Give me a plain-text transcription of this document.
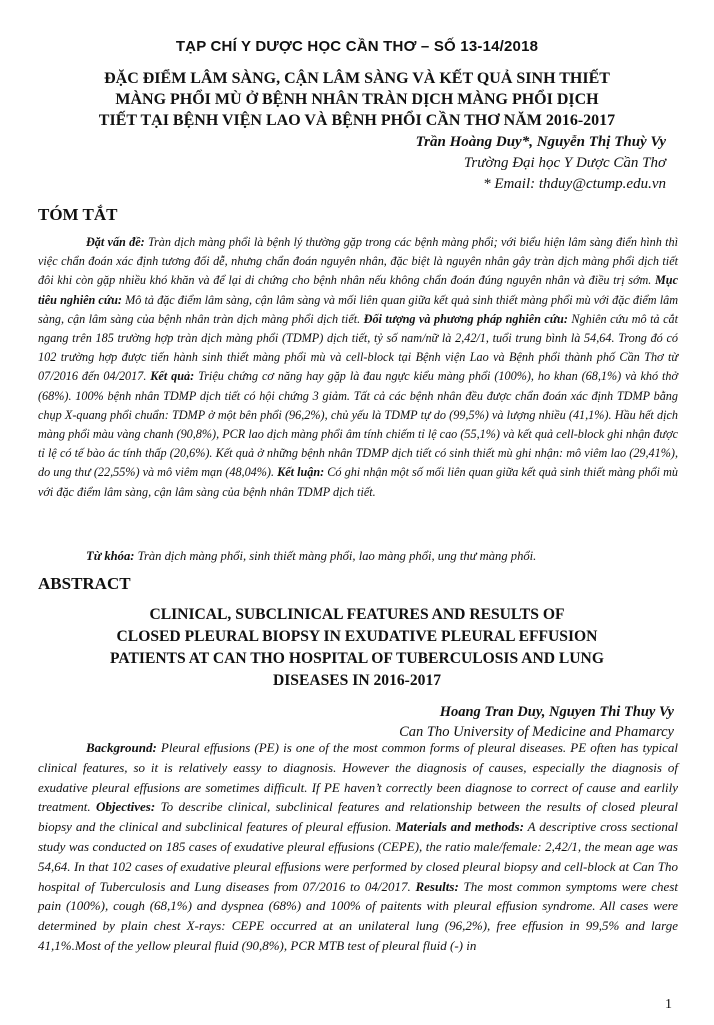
TẠP CHÍ Y DƯỢC HỌC CẦN THƠ – SỐ 13-14/2018
ĐẶC ĐIỂM LÂM SÀNG, CẬN LÂM SÀNG VÀ KẾT QUẢ SINH THIẾT
MÀNG PHỔI MÙ Ở BỆNH NHÂN TRÀN DỊCH MÀNG PHỔI DỊCH
TIẾT TẠI BỆNH VIỆN LAO VÀ BỆNH PHỔI CẦN THƠ NĂM 2016-2017
Trần Hoàng Duy*, Nguyễn Thị Thuỳ Vy
Trường Đại học Y Dược Cần Thơ
* Email: thduy@ctump.edu.vn
TÓM TẮT
Đặt vấn đề: Tràn dịch màng phổi là bệnh lý thường gặp trong các bệnh màng phổi; với biểu hiện lâm sàng điển hình thì việc chẩn đoán xác định tương đối dễ, nhưng chẩn đoán nguyên nhân, đặc biệt là nguyên nhân gây tràn dịch màng phổi dịch tiết đôi khi còn gặp nhiều khó khăn và để lại di chứng cho bệnh nhân nếu không chẩn đoán đúng nguyên nhân và điều trị sớm. Mục tiêu nghiên cứu: Mô tả đặc điểm lâm sàng, cận lâm sàng và mối liên quan giữa kết quả sinh thiết màng phổi mù với đặc điểm lâm sàng, cận lâm sàng của bệnh nhân tràn dịch màng phổi dịch tiết. Đối tượng và phương pháp nghiên cứu: Nghiên cứu mô tả cắt ngang trên 185 trường hợp tràn dịch màng phổi (TDMP) dịch tiết, tỷ số nam/nữ là 2,42/1, tuổi trung bình là 54,64. Trong đó có 102 trường hợp được tiến hành sinh thiết màng phổi mù và cell-block tại Bệnh viện Lao và Bệnh phổi thành phố Cần Thơ từ 07/2016 đến 04/2017. Kết quả: Triệu chứng cơ năng hay gặp là đau ngực kiểu màng phổi (100%), ho khan (68,1%) và khó thở (68%). 100% bệnh nhân TDMP dịch tiết có hội chứng 3 giảm. Tất cả các bệnh nhân đều được chẩn đoán xác định TDMP bằng chụp X-quang phổi chuẩn: TDMP ở một bên phổi (96,2%), chủ yếu là TDMP tự do (99,5%) và lượng nhiều (41,1%). Hầu hết dịch màng phổi màu vàng chanh (90,8%), PCR lao dịch màng phổi âm tính chiếm tỉ lệ cao (55,1%) và kết quả cell-block ghi nhận được tỉ lệ có tế bào ác tính thấp (20,6%). Kết quả ở những bệnh nhân TDMP dịch tiết có sinh thiết mù ghi nhận: mô viêm lao (29,41%), do ung thư (22,55%) và mô viêm mạn (48,04%). Kết luận: Có ghi nhận một số mối liên quan giữa kết quả sinh thiết màng phổi mù với đặc điểm lâm sàng, cận lâm sàng của bệnh nhân TDMP dịch tiết.
Từ khóa: Tràn dịch màng phổi, sinh thiết màng phổi, lao màng phổi, ung thư màng phổi.
ABSTRACT
CLINICAL, SUBCLINICAL FEATURES AND RESULTS OF
CLOSED PLEURAL BIOPSY IN EXUDATIVE PLEURAL EFFUSION
PATIENTS AT CAN THO HOSPITAL OF TUBERCULOSIS AND LUNG
DISEASES IN 2016-2017
Hoang Tran Duy, Nguyen Thi Thuy Vy
Can Tho University of Medicine and Phamarcy
Background: Pleural effusions (PE) is one of the most common forms of pleural diseases. PE often has typical clinical features, so it is relatively eassy to diagnosis. However the diagnosis of causes, especially the diagnosis of exudative pleural effusions are sometimes difficult. If PE haven’t correctly been diagnose to correct of cause and earlily treatment. Objectives: To describe clinical, subclinical features and relationship between the results of closed pleural biopsy and the clinical and subclinical features of pleural effusion. Materials and methods: A descriptive cross sectional study was conducted on 185 cases of exudative pleural effusions (CEPE), the ratio male/female: 2,42/1, the mean age was 54,64. In that 102 cases of exudative pleural effusions were performed by closed pleural biopsy and cell-block at Can Tho hospital of Tuberculosis and Lung diseases from 07/2016 to 04/2017. Results: The most common symptoms were chest pain (100%), cough (68,1%) and dyspnea (68%) and 100% of paitents with pleural effusion syndrome. All cases were determined by plain chest X-rays: CEPE occurred at an unilateral lung (96,2%), free effusion in 99,5% and large 41,1%.Most of the yellow pleural fluid (90,8%), PCR MTB test of pleural fluid (-) in
1
